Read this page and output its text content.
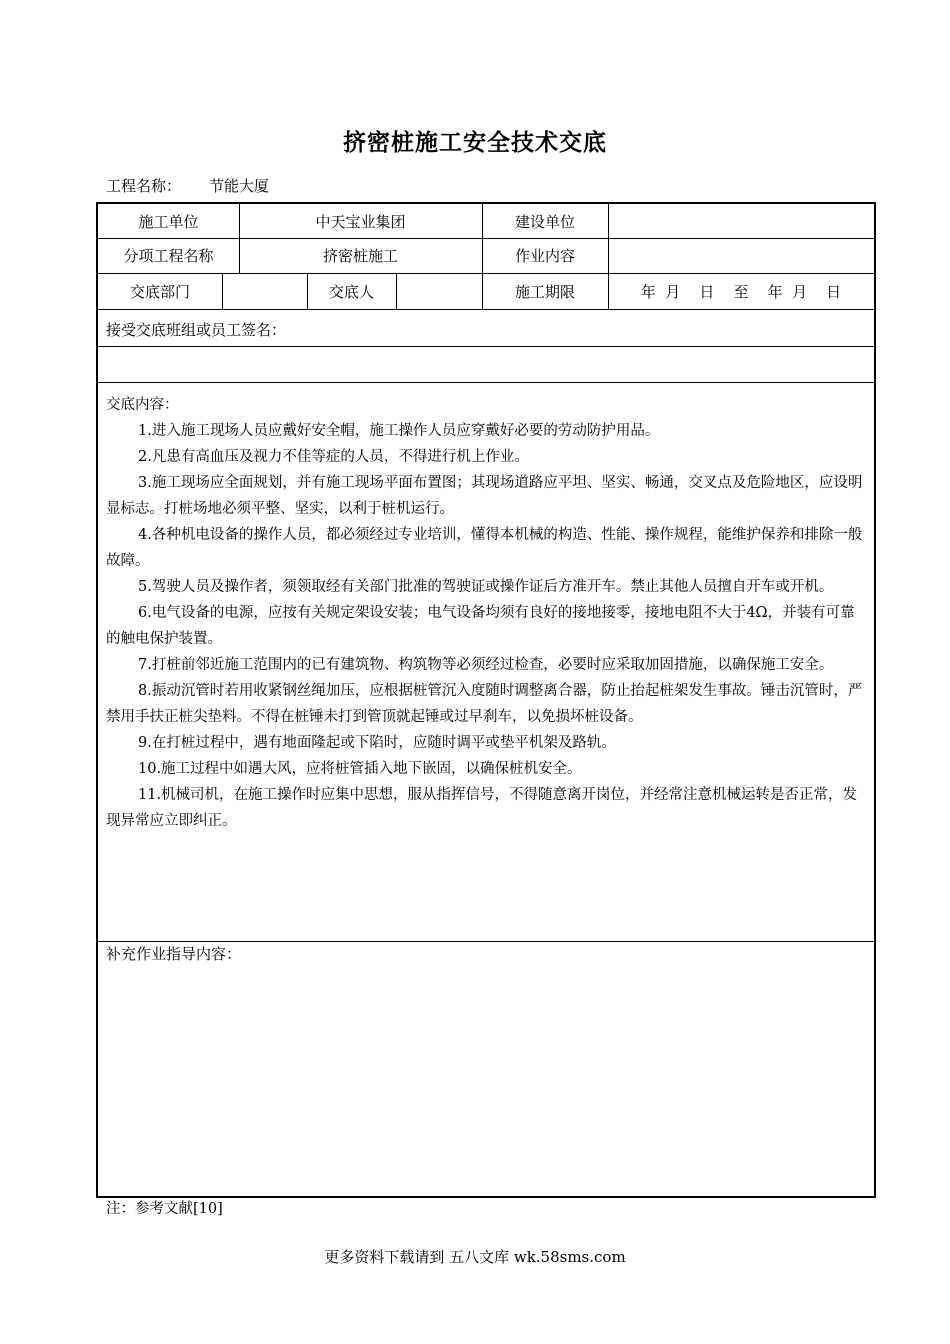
挤密桩施工安全技术交底
工程名称： 节能大厦
施工单位	中天宝业集团	建设单位
分项工程名称	挤密桩施工	作业内容
交底部门	交底人	施工期限	年  月    日    至    年  月    日
接受交底班组或员工签名：
交底内容：

1.进入施工现场人员应戴好安全帽，施工操作人员应穿戴好必要的劳动防护用品。

2.凡患有高血压及视力不佳等症的人员，不得进行机上作业。

3.施工现场应全面规划，并有施工现场平面布置图；其现场道路应平坦、坚实、畅通，交叉点及危险地区，应设明显标志。打桩场地必须平整、坚实，以利于桩机运行。

4.各种机电设备的操作人员，都必须经过专业培训，懂得本机械的构造、性能、操作规程，能维护保养和排除一般故障。

5.驾驶人员及操作者，须领取经有关部门批准的驾驶证或操作证后方准开车。禁止其他人员擅自开车或开机。

6.电气设备的电源，应按有关规定架设安装；电气设备均须有良好的接地接零，接地电阻不大于4Ω，并装有可靠的触电保护装置。

7.打桩前邻近施工范围内的已有建筑物、构筑物等必须经过检查，必要时应采取加固措施，以确保施工安全。

8.振动沉管时若用收紧钢丝绳加压，应根据桩管沉入度随时调整离合器，防止抬起桩架发生事故。锤击沉管时，严禁用手扶正桩尖垫料。不得在桩锤未打到管顶就起锤或过早刹车，以免损坏桩设备。

9.在打桩过程中，遇有地面隆起或下陷时，应随时调平或垫平机架及路轨。

10.施工过程中如遇大风，应将桩管插入地下嵌固，以确保桩机安全。

11.机械司机，在施工操作时应集中思想，服从指挥信号，不得随意离开岗位，并经常注意机械运转是否正常，发现异常应立即纠正。

补充作业指导内容：
注：参考文献[10]
更多资料下载请到 五八文库 wk.58sms.com
